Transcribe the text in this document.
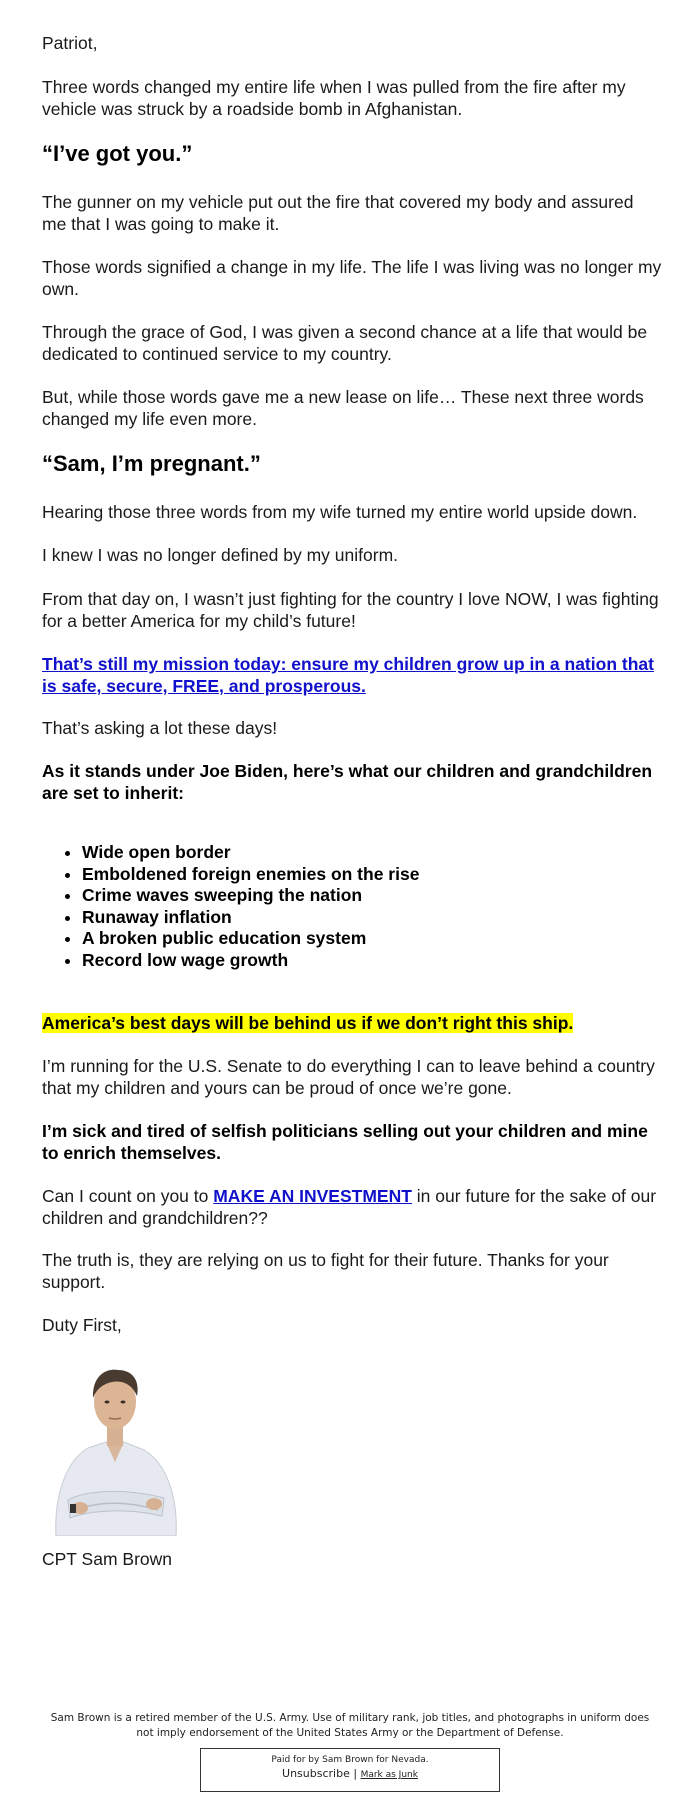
Patriot,

Three words changed my entire life when I was pulled from the fire after my vehicle was struck by a roadside bomb in Afghanistan.

“I’ve got you.”

The gunner on my vehicle put out the fire that covered my body and assured me that I was going to make it.

Those words signified a change in my life. The life I was living was no longer my own.

Through the grace of God, I was given a second chance at a life that would be dedicated to continued service to my country.

But, while those words gave me a new lease on life… These next three words changed my life even more.

“Sam, I’m pregnant.”

Hearing those three words from my wife turned my entire world upside down.

I knew I was no longer defined by my uniform.

From that day on, I wasn’t just fighting for the country I love NOW, I was fighting for a better America for my child’s future!

That’s still my mission today: ensure my children grow up in a nation that is safe, secure, FREE, and prosperous.

That’s asking a lot these days!

As it stands under Joe Biden, here’s what our children and grandchildren are set to inherit:

• Wide open border
• Emboldened foreign enemies on the rise
• Crime waves sweeping the nation
• Runaway inflation
• A broken public education system
• Record low wage growth

America’s best days will be behind us if we don’t right this ship.

I’m running for the U.S. Senate to do everything I can to leave behind a country that my children and yours can be proud of once we’re gone.

I’m sick and tired of selfish politicians selling out your children and mine to enrich themselves.

Can I count on you to MAKE AN INVESTMENT in our future for the sake of our children and grandchildren??

The truth is, they are relying on us to fight for their future. Thanks for your support.

Duty First,

CPT Sam Brown

Sam Brown is a retired member of the U.S. Army. Use of military rank, job titles, and photographs in uniform does not imply endorsement of the United States Army or the Department of Defense.
Paid for by Sam Brown for Nevada.
Unsubscribe | Mark as Junk
